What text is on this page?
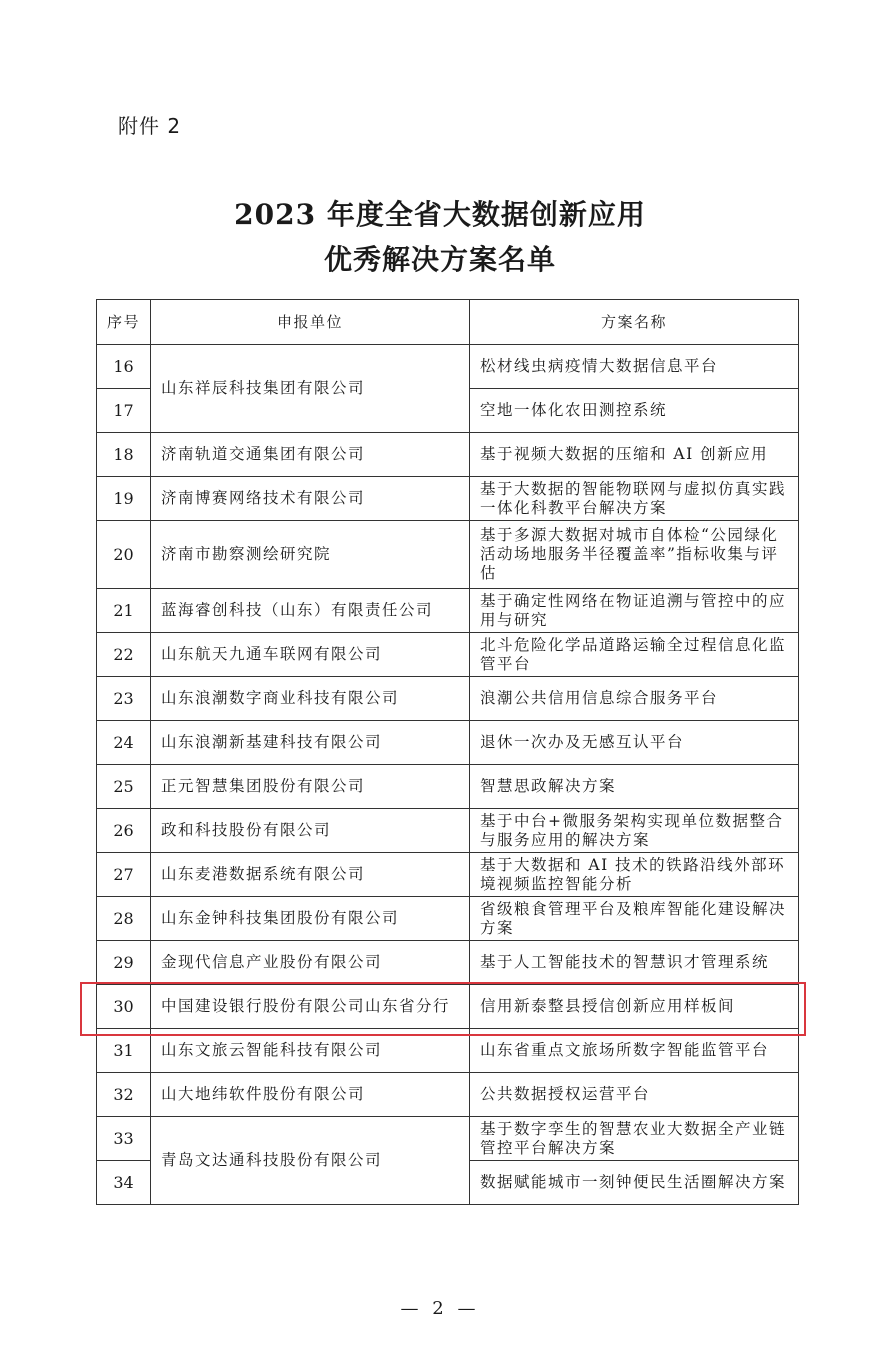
附件 2
2023 年度全省大数据创新应用
优秀解决方案名单
序号	申报单位	方案名称
16	山东祥辰科技集团有限公司	松材线虫病疫情大数据信息平台
17		空地一体化农田测控系统
18	济南轨道交通集团有限公司	基于视频大数据的压缩和 AI 创新应用
19	济南博赛网络技术有限公司	基于大数据的智能物联网与虚拟仿真实践一体化科教平台解决方案
20	济南市勘察测绘研究院	基于多源大数据对城市自体检“公园绿化活动场地服务半径覆盖率”指标收集与评估
21	蓝海睿创科技（山东）有限责任公司	基于确定性网络在物证追溯与管控中的应用与研究
22	山东航天九通车联网有限公司	北斗危险化学品道路运输全过程信息化监管平台
23	山东浪潮数字商业科技有限公司	浪潮公共信用信息综合服务平台
24	山东浪潮新基建科技有限公司	退休一次办及无感互认平台
25	正元智慧集团股份有限公司	智慧思政解决方案
26	政和科技股份有限公司	基于中台+微服务架构实现单位数据整合与服务应用的解决方案
27	山东麦港数据系统有限公司	基于大数据和 AI 技术的铁路沿线外部环境视频监控智能分析
28	山东金钟科技集团股份有限公司	省级粮食管理平台及粮库智能化建设解决方案
29	金现代信息产业股份有限公司	基于人工智能技术的智慧识才管理系统
30	中国建设银行股份有限公司山东省分行	信用新泰整县授信创新应用样板间
31	山东文旅云智能科技有限公司	山东省重点文旅场所数字智能监管平台
32	山大地纬软件股份有限公司	公共数据授权运营平台
33	青岛文达通科技股份有限公司	基于数字孪生的智慧农业大数据全产业链管控平台解决方案
34		数据赋能城市一刻钟便民生活圈解决方案
— 2 —
